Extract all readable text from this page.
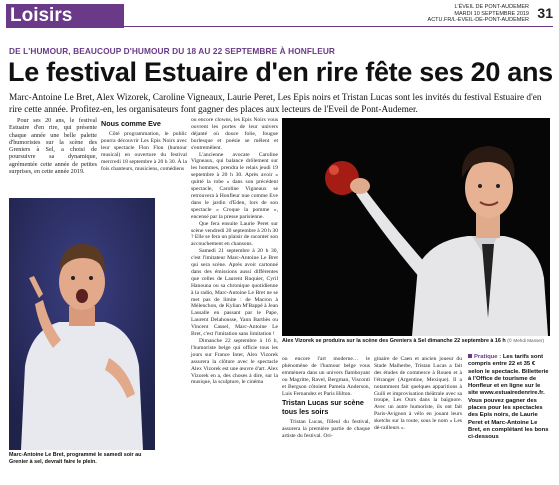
Loisirs	L'ÉVEIL DE PONT-AUDEMER
MARDI 10 SEPTEMBRE 2019
ACTU.FR/L-EVEIL-DE-PONT-AUDEMER 31
DE L'HUMOUR, BEAUCOUP D'HUMOUR DU 18 AU 22 SEPTEMBRE À HONFLEUR
Le festival Estuaire d'en rire fête ses 20 ans

Marc-Antoine Le Bret, Alex Wizorek, Caroline Vigneaux, Laurie Peret, Les Epis noirs et Tristan Lucas sont les invités du festival Estuaire d'en rire cette année. Profitez-en, les organisateurs font gagner des places aux lecteurs de l'Eveil de Pont-Audemer.

Pour ses 20 ans, le festival Estuaire d'en rire, qui présente chaque année une belle palette d'humoristes sur la scène des Greniers à Sel, a choisi de poursuivre sa dynamique, agrémentée cette année de petites surprises, en cette année 2019.

Nous comme Eve

Côté programmation, le public pourra découvrir Les Epis Noirs avec leur spectacle Flon Flon (humour musical) en ouverture du festival mercredi 18 septembre à 20 h 30. À la fois chanteurs, musiciens, comédiens

ou encore clowns, les Epis Noirs vous ouvrent les portes de leur univers déjanté où douce folie, fougue burlesque et poésie se mêlent et s'entremêlent.

L'ancienne avocate Caroline Vigneaux, qui balance drôlement sur les hommes, prendra le relais jeudi 19 septembre à 20 h 30. Après avoir « quitté la robe » dans son précédent spectacle, Caroline Vigneaux se retrouvera à Honfleur nue comme Eve dans le jardin d'Eden, lors de son spectacle « Croque la pomme », encensé par la presse parisienne.

Que fera ensuite Laurie Peret sur scène vendredi 20 septembre à 20 h 30 ? Elle se fera un plaisir de raconter son accouchement en chansons.

Samedi 21 septembre à 20 h 30, c'est l'imitateur Marc-Antoine Le Bret qui sera scène. Après avoir cartonné dans des émissions aussi différentes que celles de Laurent Ruquier, Cyril Hanouna ou sa chronique quotidienne à la radio, Marc-Antoine Le Bret ne se met pas de limite : de Macron à Mélenchon, de Kylian M'Bappé à Jean Lassalle en passant par le Pape, Laurent Delahousse, Yann Barthès ou Vincent Cassel, Marc-Antoine Le Bret, c'est l'imitation sans limitation !

Dimanche 22 septembre à 16 h, l'humoriste belge qui officie tous les jours sur France Inter, Alex Vizorek assurera la clôture avec le spectacle Alex Vizorek est une œuvre d'art. Alex Vizorek en a, des choses à dire, sur la musique, la sculpture, le cinéma

Marc-Antoine Le Bret, programmé le samedi soir au Grenier à sel, devrait faire le plein.
Alex Vizorek se produira sur la scène des Greniers à Sel dimanche 22 septembre à 16 h (© Mehdi Manser)

ou encore l'art moderne… le phénomène de l'humour belge vous emmènera dans un univers flamboyant ou Magritte, Ravel, Bergman, Visconti et Bergson côtoient Pamela Anderson, Luis Fernandez et Paris Hilton.

Tristan Lucas sur scène tous les soirs

Tristan Lucas, filleul du festival, assurera la première partie de chaque artiste du festival. Ori-

ginaire de Caen et ancien joueur du Stade Malherbe, Tristan Lucas a fait des études de commerce à Rouen et à l'étranger (Argentine, Mexique). Il a notamment fait quelques apparitions à Guili et improvisation théâtrale avec sa troupe, Les Ours dans la baignore. Avec un autre humoriste, ils ont fait Paris-Avignon à vélo en jouant leurs sketchs sur la route, sous le nom « Les dé-railleurs ».

Pratique : Les tarifs sont compris entre 22 et 35 € selon le spectacle. Billetterie à l'Office de tourisme de Honfleur et en ligne sur le site www.estuairedenrire.fr. Vous pouvez gagner des places pour les spectacles des Epis noirs, de Laurie Peret et Marc-Antoine Le Bret, en complétant les bons ci-dessous
